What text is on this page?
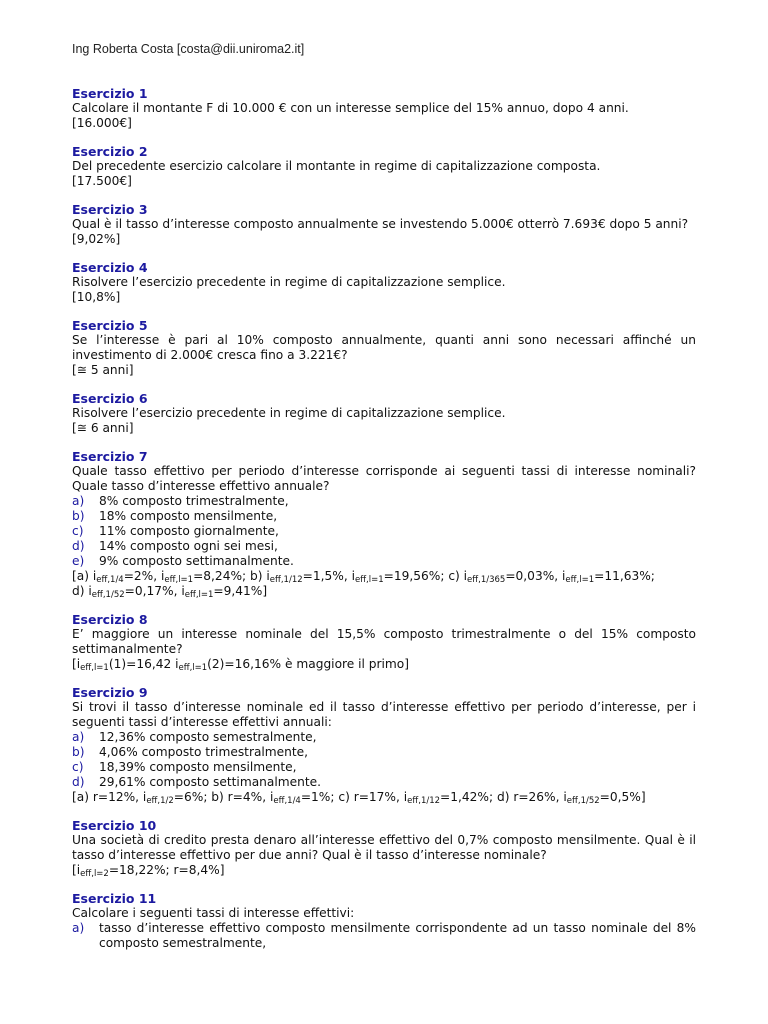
Ing Roberta Costa [costa@dii.uniroma2.it]
Esercizio 1

Calcolare il montante F di 10.000 € con un interesse semplice del 15% annuo, dopo 4 anni.

[16.000€]

Esercizio 2

Del precedente esercizio calcolare il montante in regime di capitalizzazione composta.

[17.500€]

Esercizio 3

Qual è il tasso d’interesse composto annualmente se investendo 5.000€ otterrò 7.693€ dopo 5 anni?

[9,02%]

Esercizio 4

Risolvere l’esercizio precedente in regime di capitalizzazione semplice.

[10,8%]

Esercizio 5

Se l’interesse è pari al 10% composto annualmente, quanti anni sono necessari affinché un investimento di 2.000€ cresca fino a 3.221€?

[≅ 5 anni]

Esercizio 6

Risolvere l’esercizio precedente in regime di capitalizzazione semplice.

[≅ 6 anni]

Esercizio 7

Quale tasso effettivo per periodo d’interesse corrisponde ai seguenti tassi di interesse nominali? Quale tasso d’interesse effettivo annuale?

a) 8% composto trimestralmente,
b) 18% composto mensilmente,
c) 11% composto giornalmente,
d) 14% composto ogni sei mesi,
e) 9% composto settimanalmente.

[a) $i_{eff,1/4}=2\%$, $i_{eff,l=1}=8,24\%$; b) $i_{eff,1/12}=1,5\%$, $i_{eff,l=1}=19,56\%$; c) $i_{eff,1/365}=0,03\%$, $i_{eff,l=1}=11,63\%$;

d) $i_{eff,1/52}=0,17\%$, $i_{eff,l=1}=9,41\%$]

Esercizio 8

E’ maggiore un interesse nominale del 15,5% composto trimestralmente o del 15% composto settimanalmente?

[$i_{eff,l=1}(1)=16,42$ $i_{eff,l=1}(2)=16,16\%$ è maggiore il primo]

Esercizio 9

Si trovi il tasso d’interesse nominale ed il tasso d’interesse effettivo per periodo d’interesse, per i seguenti tassi d’interesse effettivi annuali:

a) 12,36% composto semestralmente,
b) 4,06% composto trimestralmente,
c) 18,39% composto mensilmente,
d) 29,61% composto settimanalmente.

[a) r=12%, $i_{eff,1/2}=6\%$; b) r=4%, $i_{eff,1/4}=1\%$; c) r=17%, $i_{eff,1/12}=1,42\%$; d) r=26%, $i_{eff,1/52}=0,5\%$]

Esercizio 10

Una società di credito presta denaro all’interesse effettivo del 0,7% composto mensilmente. Qual è il tasso d’interesse effettivo per due anni? Qual è il tasso d’interesse nominale?

[$i_{eff,l=2}=18,22\%$; r=8,4%]

Esercizio 11

Calcolare i seguenti tassi di interesse effettivi:

a) tasso d’interesse effettivo composto mensilmente corrispondente ad un tasso nominale del 8% composto semestralmente,
